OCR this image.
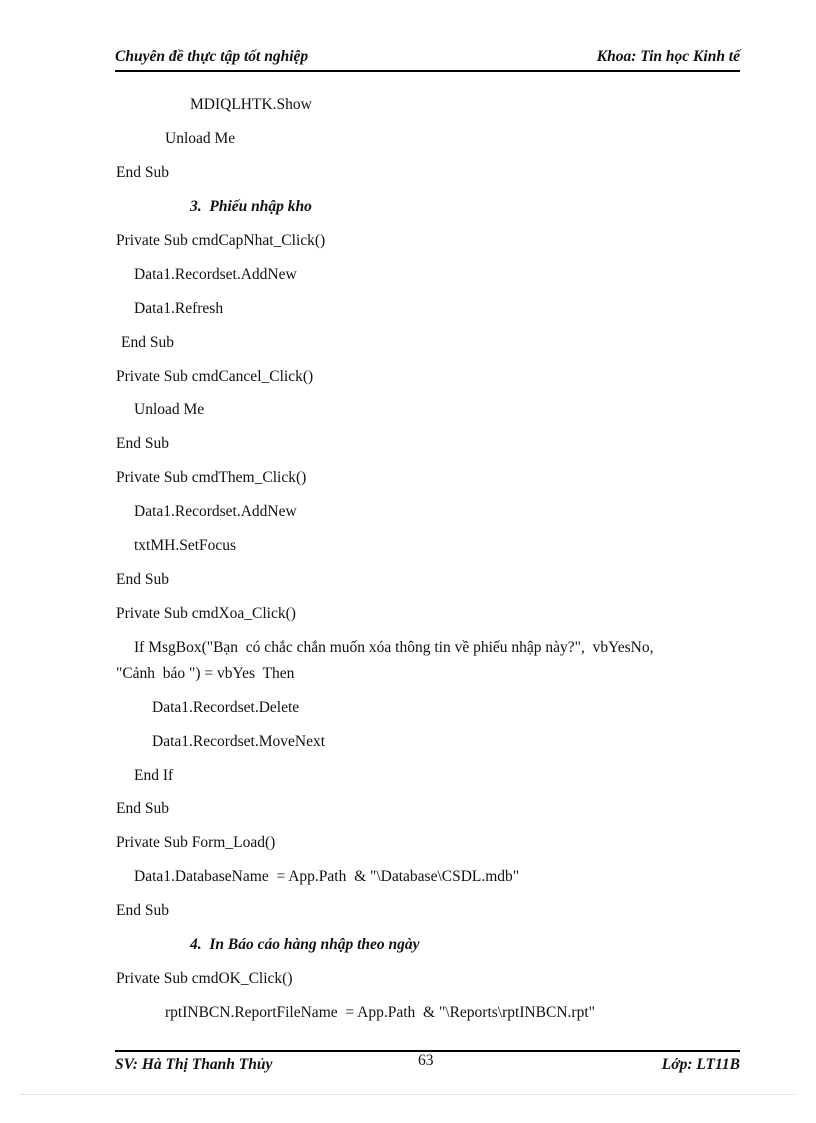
Chuyên đề thực tập tốt nghiệp	Khoa: Tin học Kinh tế
MDIQLHTK.Show
Unload Me
End Sub
3.  Phiếu nhập kho
Private Sub cmdCapNhat_Click()
Data1.Recordset.AddNew
Data1.Refresh
End Sub
Private Sub cmdCancel_Click()
Unload Me
End Sub
Private Sub cmdThem_Click()
Data1.Recordset.AddNew
txtMH.SetFocus
End Sub
Private Sub cmdXoa_Click()
If MsgBox("Bạn  có chắc chắn muốn xóa thông tin về phiếu nhập này?",  vbYesNo,
"Cảnh  báo ") = vbYes  Then
Data1.Recordset.Delete
Data1.Recordset.MoveNext
End If
End Sub
Private Sub Form_Load()
Data1.DatabaseName  = App.Path  & "\Database\CSDL.mdb"
End Sub
4.  In Báo cáo hàng nhập theo ngày
Private Sub cmdOK_Click()
rptINBCN.ReportFileName  = App.Path  & "\Reports\rptINBCN.rpt"
SV: Hà Thị Thanh Thủy	63	Lớp: LT11B
